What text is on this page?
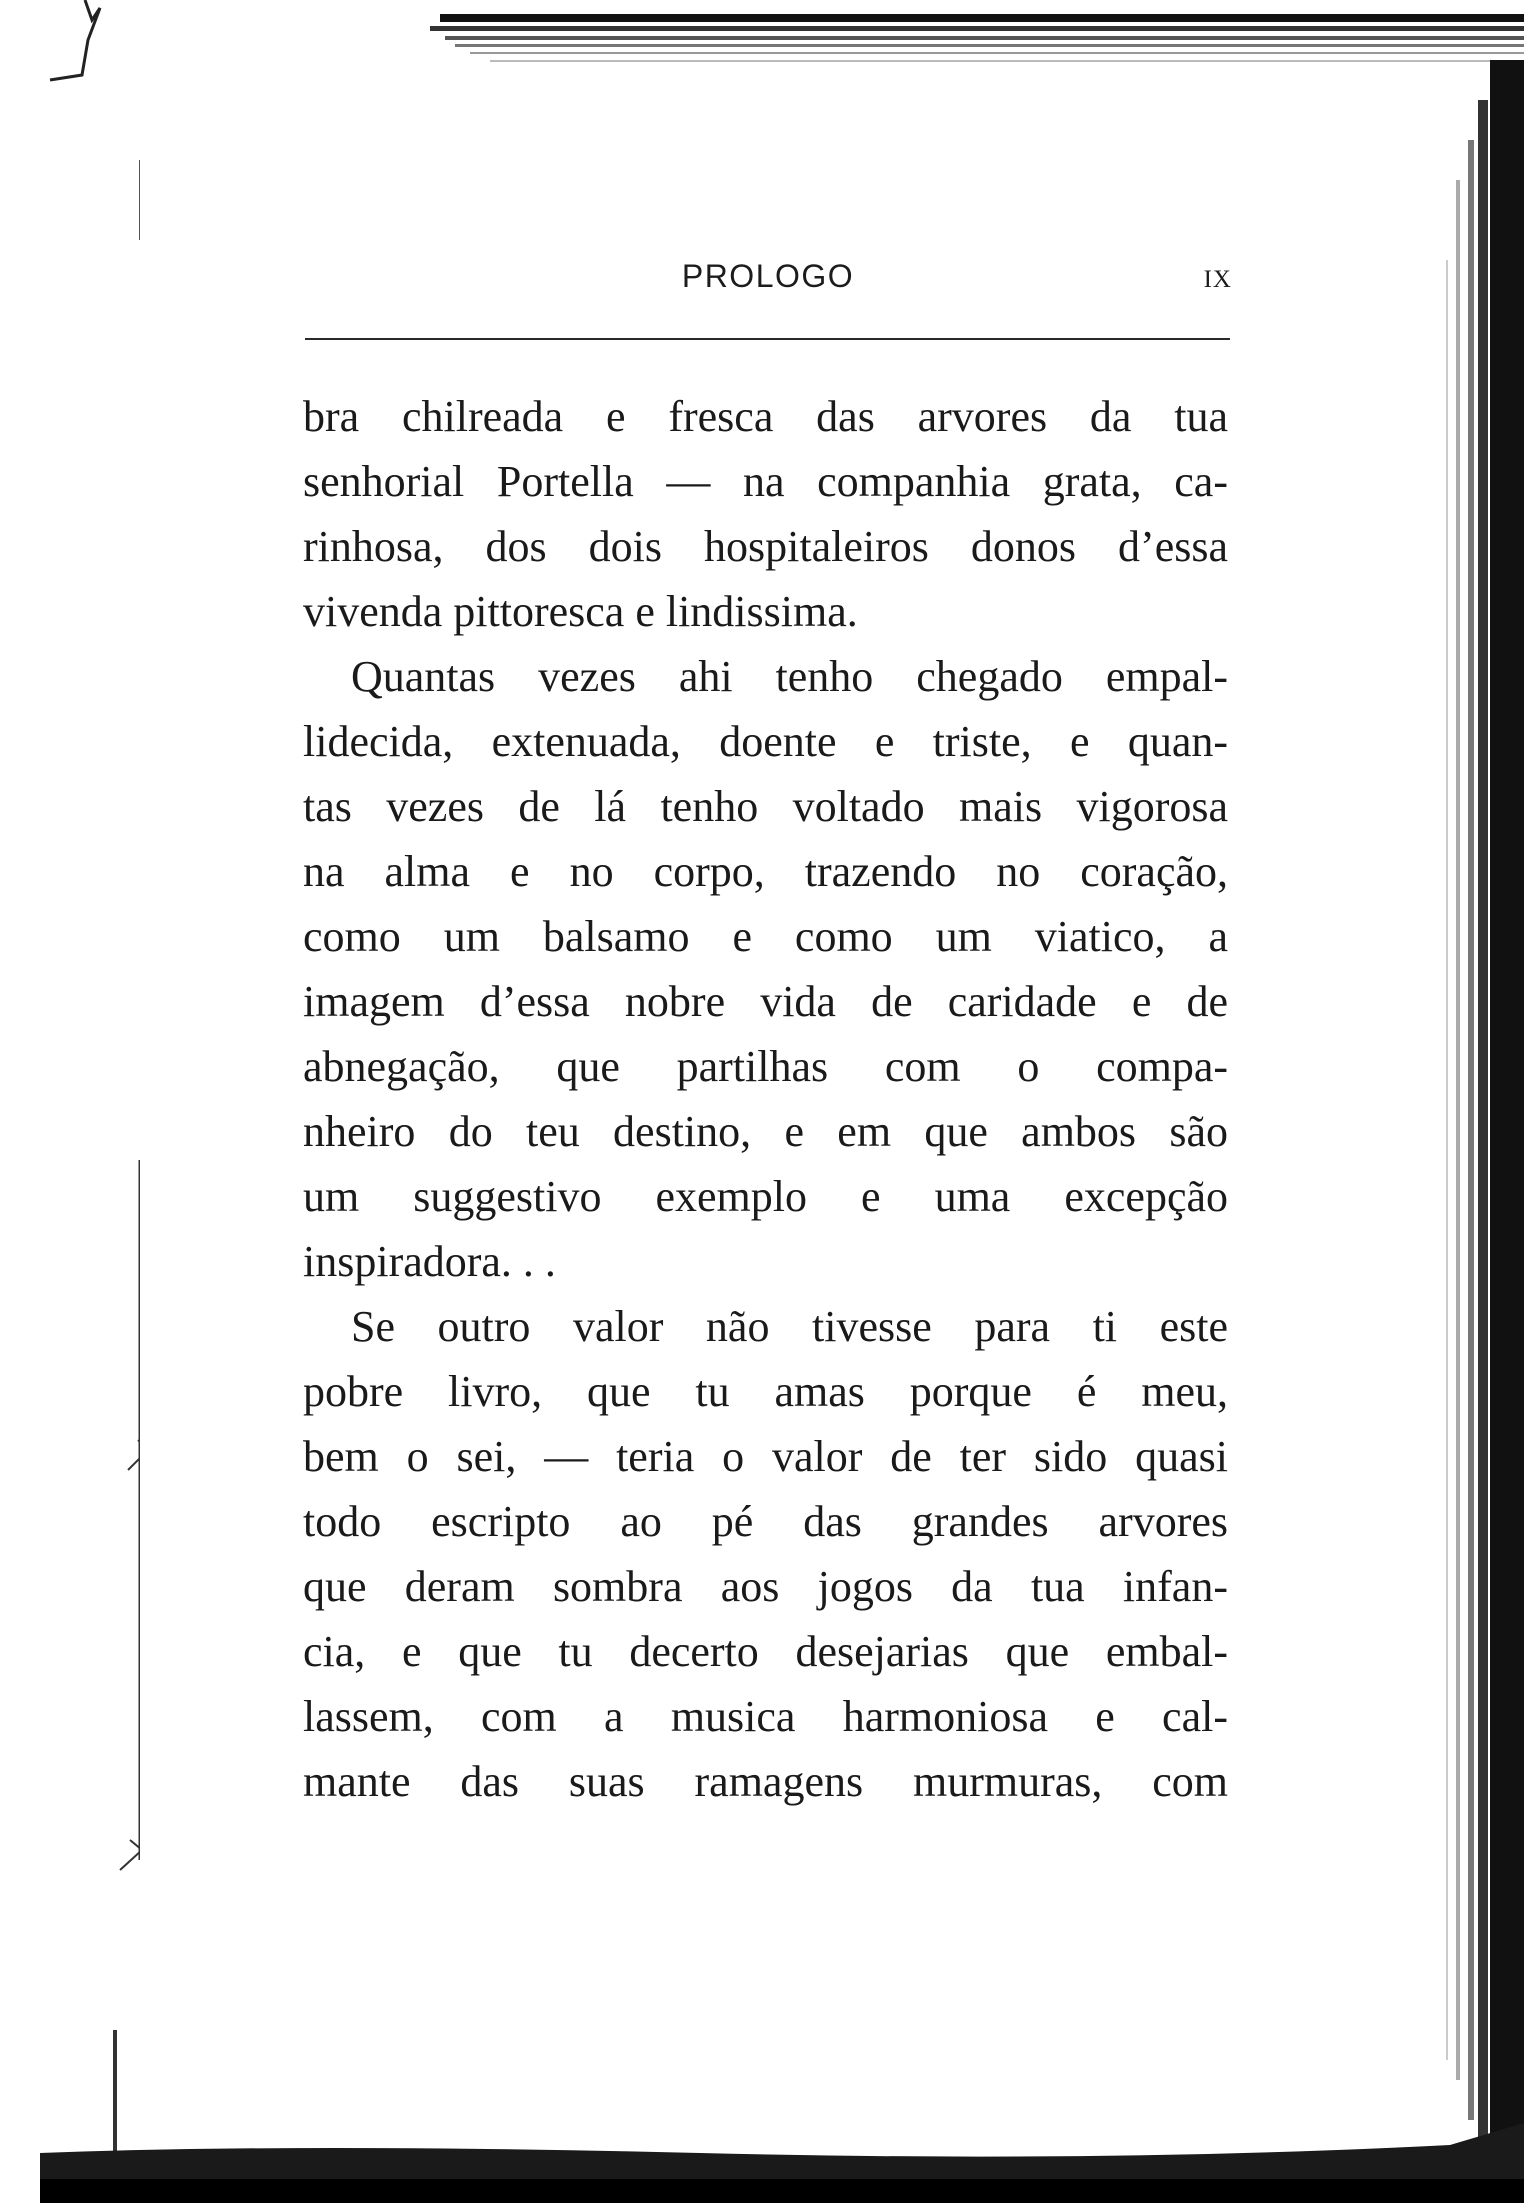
PROLOGO	IX
bra chilreada e fresca das arvores da tua
senhorial Portella — na companhia grata, ca-
rinhosa, dos dois hospitaleiros donos d’essa
vivenda pittoresca e lindissima.
Quantas vezes ahi tenho chegado empal-
lidecida, extenuada, doente e triste, e quan-
tas vezes de lá tenho voltado mais vigorosa
na alma e no corpo, trazendo no coração,
como um balsamo e como um viatico, a
imagem d’essa nobre vida de caridade e de
abnegação, que partilhas com o compa-
nheiro do teu destino, e em que ambos são
um suggestivo exemplo e uma excepção
inspiradora. . .
Se outro valor não tivesse para ti este
pobre livro, que tu amas porque é meu,
bem o sei, — teria o valor de ter sido quasi
todo escripto ao pé das grandes arvores
que deram sombra aos jogos da tua infan-
cia, e que tu decerto desejarias que embal-
lassem, com a musica harmoniosa e cal-
mante das suas ramagens murmuras, com
